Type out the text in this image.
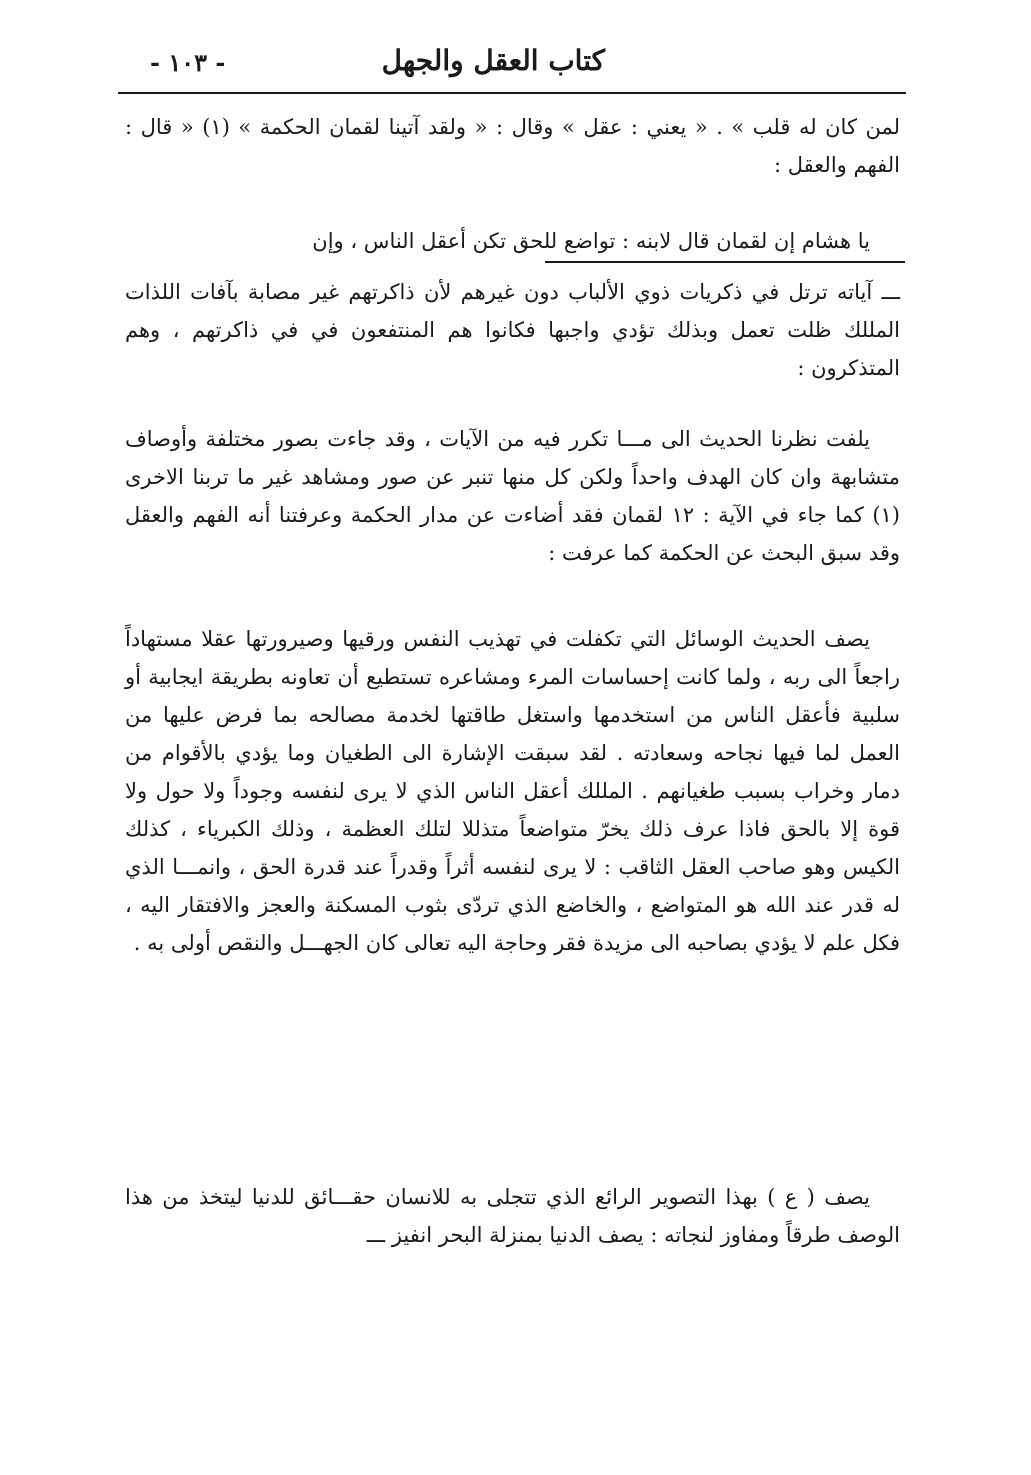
كتاب العقل والجهل
- ١٠٣ -

لمن كان له قلب » . « يعني : عقل » وقال : « ولقد آتينا لقمان الحكمة » (١) « قال : الفهم والعقل :

يا هشام إن لقمان قال لابنه : تواضع للحق تكن أعقل الناس ، وإن

ـــ آياته ترتل في ذكريات ذوي الألباب دون غيرهم لأن ذاكرتهم غير مصابة بآفات اللذات المللك ظلت تعمل وبذلك تؤدي واجبها فكانوا هم المنتفعون في في ذاكرتهم ، وهم المتذكرون :

يلفت نظرنا الحديث الى مـــا تكرر فيه من الآيات ، وقد جاءت بصور مختلفة وأوصاف متشابهة وان كان الهدف واحداً ولكن كل منها تنبر عن صور ومشاهد غير ما تربنا الاخرى (١) كما جاء في الآية : ١٢ لقمان فقد أضاءت عن مدار الحكمة وعرفتنا أنه الفهم والعقل وقد سبق البحث عن الحكمة كما عرفت :

يصف الحديث الوسائل التي تكفلت في تهذيب النفس ورقيها وصيرورتها عقلا مستهاداً راجعاً الى ربه ، ولما كانت إحساسات المرء ومشاعره تستطيع أن تعاونه بطريقة ايجابية أو سلبية فأعقل الناس من استخدمها واستغل طاقتها لخدمة مصالحه بما فرض عليها من العمل لما فيها نجاحه وسعادته . لقد سبقت الإشارة الى الطغيان وما يؤدي بالأقوام من دمار وخراب بسبب طغيانهم . المللك أعقل الناس الذي لا يرى لنفسه وجوداً ولا حول ولا قوة إلا بالحق فاذا عرف ذلك يخرّ متواضعاً متذللا لتلك العظمة ، وذلك الكبرياء ، كذلك الكيس وهو صاحب العقل الثاقب : لا يرى لنفسه أثراً وقدراً عند قدرة الحق ، وانمـــا الذي له قدر عند الله هو المتواضع ، والخاضع الذي تردّى بثوب المسكنة والعجز والافتقار اليه ، فكل علم لا يؤدي بصاحبه الى مزيدة فقر وحاجة اليه تعالى كان الجهـــل والنقص أولى به .

يصف ( ع ) بهذا التصوير الرائع الذي تتجلى به للانسان حقـــائق للدنيا ليتخذ من هذا الوصف طرقاً ومفاوز لنجاته : يصف الدنيا بمنزلة البحر انفيز ـــ
